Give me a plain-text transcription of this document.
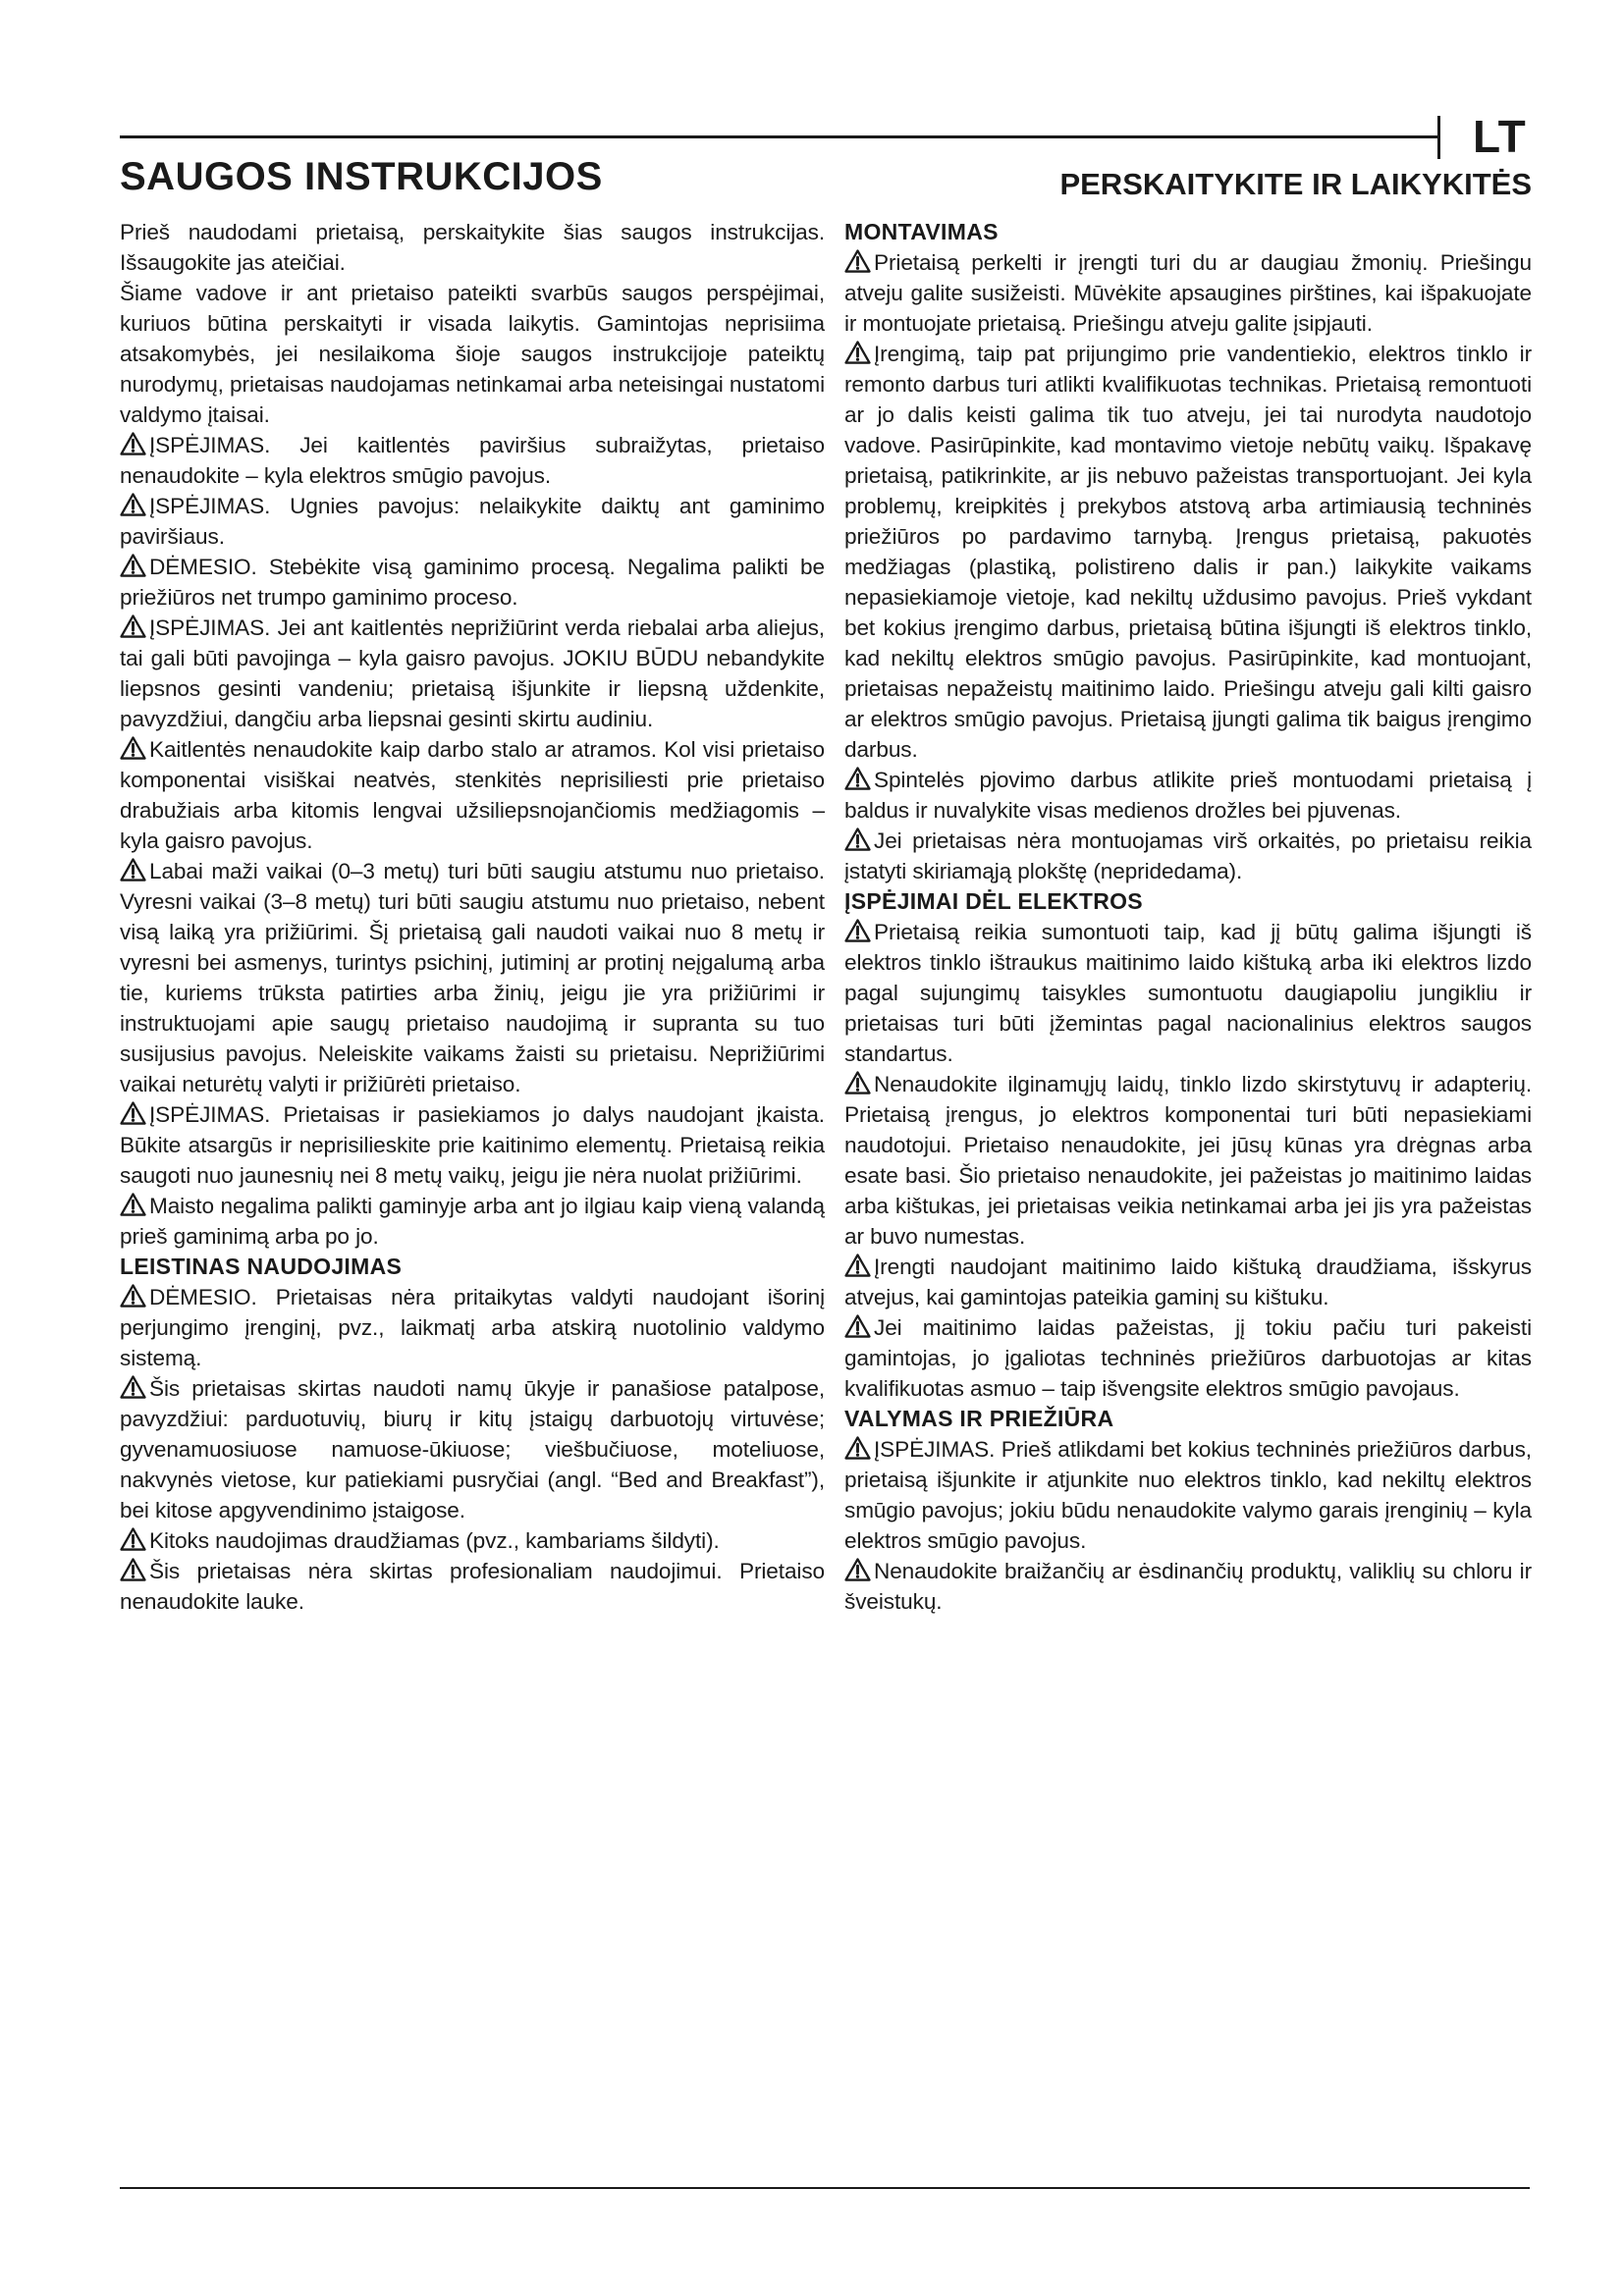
LT
SAUGOS INSTRUKCIJOS	PERSKAITYKITE IR LAIKYKITĖS

Prieš naudodami prietaisą, perskaitykite šias saugos instrukcijas. Išsaugokite jas ateičiai.

Šiame vadove ir ant prietaiso pateikti svarbūs saugos perspėjimai, kuriuos būtina perskaityti ir visada laikytis. Gamintojas neprisiima atsakomybės, jei nesilaikoma šioje saugos instrukcijoje pateiktų nurodymų, prietaisas naudojamas netinkamai arba neteisingai nustatomi valdymo įtaisai.

ĮSPĖJIMAS. Jei kaitlentės paviršius subraižytas, prietaiso nenaudokite – kyla elektros smūgio pavojus.

ĮSPĖJIMAS. Ugnies pavojus: nelaikykite daiktų ant gaminimo paviršiaus.

DĖMESIO. Stebėkite visą gaminimo procesą. Negalima palikti be priežiūros net trumpo gaminimo proceso.

ĮSPĖJIMAS. Jei ant kaitlentės neprižiūrint verda riebalai arba aliejus, tai gali būti pavojinga – kyla gaisro pavojus. JOKIU BŪDU nebandykite liepsnos gesinti vandeniu; prietaisą išjunkite ir liepsną uždenkite, pavyzdžiui, dangčiu arba liepsnai gesinti skirtu audiniu.

Kaitlentės nenaudokite kaip darbo stalo ar atramos. Kol visi prietaiso komponentai visiškai neatvės, stenkitės neprisiliesti prie prietaiso drabužiais arba kitomis lengvai užsiliepsnojančiomis medžiagomis – kyla gaisro pavojus.

Labai maži vaikai (0–3 metų) turi būti saugiu atstumu nuo prietaiso. Vyresni vaikai (3–8 metų) turi būti saugiu atstumu nuo prietaiso, nebent visą laiką yra prižiūrimi. Šį prietaisą gali naudoti vaikai nuo 8 metų ir vyresni bei asmenys, turintys psichinį, jutiminį ar protinį neįgalumą arba tie, kuriems trūksta patirties arba žinių, jeigu jie yra prižiūrimi ir instruktuojami apie saugų prietaiso naudojimą ir supranta su tuo susijusius pavojus. Neleiskite vaikams žaisti su prietaisu. Neprižiūrimi vaikai neturėtų valyti ir prižiūrėti prietaiso.

ĮSPĖJIMAS. Prietaisas ir pasiekiamos jo dalys naudojant įkaista. Būkite atsargūs ir neprisilieskite prie kaitinimo elementų. Prietaisą reikia saugoti nuo jaunesnių nei 8 metų vaikų, jeigu jie nėra nuolat prižiūrimi.

Maisto negalima palikti gaminyje arba ant jo ilgiau kaip vieną valandą prieš gaminimą arba po jo.

LEISTINAS NAUDOJIMAS

DĖMESIO. Prietaisas nėra pritaikytas valdyti naudojant išorinį perjungimo įrenginį, pvz., laikmatį arba atskirą nuotolinio valdymo sistemą.

Šis prietaisas skirtas naudoti namų ūkyje ir panašiose patalpose, pavyzdžiui: parduotuvių, biurų ir kitų įstaigų darbuotojų virtuvėse; gyvenamuosiuose namuose-ūkiuose; viešbučiuose, moteliuose, nakvynės vietose, kur patiekiami pusryčiai (angl. “Bed and Breakfast”), bei kitose apgyvendinimo įstaigose.

Kitoks naudojimas draudžiamas (pvz., kambariams šildyti).

Šis prietaisas nėra skirtas profesionaliam naudojimui. Prietaiso nenaudokite lauke.

MONTAVIMAS

Prietaisą perkelti ir įrengti turi du ar daugiau žmonių. Priešingu atveju galite susižeisti. Mūvėkite apsaugines pirštines, kai išpakuojate ir montuojate prietaisą. Priešingu atveju galite įsipjauti.

Įrengimą, taip pat prijungimo prie vandentiekio, elektros tinklo ir remonto darbus turi atlikti kvalifikuotas technikas. Prietaisą remontuoti ar jo dalis keisti galima tik tuo atveju, jei tai nurodyta naudotojo vadove. Pasirūpinkite, kad montavimo vietoje nebūtų vaikų. Išpakavę prietaisą, patikrinkite, ar jis nebuvo pažeistas transportuojant. Jei kyla problemų, kreipkitės į prekybos atstovą arba artimiausią techninės priežiūros po pardavimo tarnybą. Įrengus prietaisą, pakuotės medžiagas (plastiką, polistireno dalis ir pan.) laikykite vaikams nepasiekiamoje vietoje, kad nekiltų uždusimo pavojus. Prieš vykdant bet kokius įrengimo darbus, prietaisą būtina išjungti iš elektros tinklo, kad nekiltų elektros smūgio pavojus. Pasirūpinkite, kad montuojant, prietaisas nepažeistų maitinimo laido. Priešingu atveju gali kilti gaisro ar elektros smūgio pavojus. Prietaisą įjungti galima tik baigus įrengimo darbus.

Spintelės pjovimo darbus atlikite prieš montuodami prietaisą į baldus ir nuvalykite visas medienos drožles bei pjuvenas.

Jei prietaisas nėra montuojamas virš orkaitės, po prietaisu reikia įstatyti skiriamąją plokštę (nepridedama).

ĮSPĖJIMAI DĖL ELEKTROS

Prietaisą reikia sumontuoti taip, kad jį būtų galima išjungti iš elektros tinklo ištraukus maitinimo laido kištuką arba iki elektros lizdo pagal sujungimų taisykles sumontuotu daugiapoliu jungikliu ir prietaisas turi būti įžemintas pagal nacionalinius elektros saugos standartus.

Nenaudokite ilginamųjų laidų, tinklo lizdo skirstytuvų ir adapterių. Prietaisą įrengus, jo elektros komponentai turi būti nepasiekiami naudotojui. Prietaiso nenaudokite, jei jūsų kūnas yra drėgnas arba esate basi. Šio prietaiso nenaudokite, jei pažeistas jo maitinimo laidas arba kištukas, jei prietaisas veikia netinkamai arba jei jis yra pažeistas ar buvo numestas.

Įrengti naudojant maitinimo laido kištuką draudžiama, išskyrus atvejus, kai gamintojas pateikia gaminį su kištuku.

Jei maitinimo laidas pažeistas, jį tokiu pačiu turi pakeisti gamintojas, jo įgaliotas techninės priežiūros darbuotojas ar kitas kvalifikuotas asmuo – taip išvengsite elektros smūgio pavojaus.

VALYMAS IR PRIEŽIŪRA

ĮSPĖJIMAS. Prieš atlikdami bet kokius techninės priežiūros darbus, prietaisą išjunkite ir atjunkite nuo elektros tinklo, kad nekiltų elektros smūgio pavojus; jokiu būdu nenaudokite valymo garais įrenginių – kyla elektros smūgio pavojus.

Nenaudokite braižančių ar ėsdinančių produktų, valiklių su chloru ir šveistukų.
